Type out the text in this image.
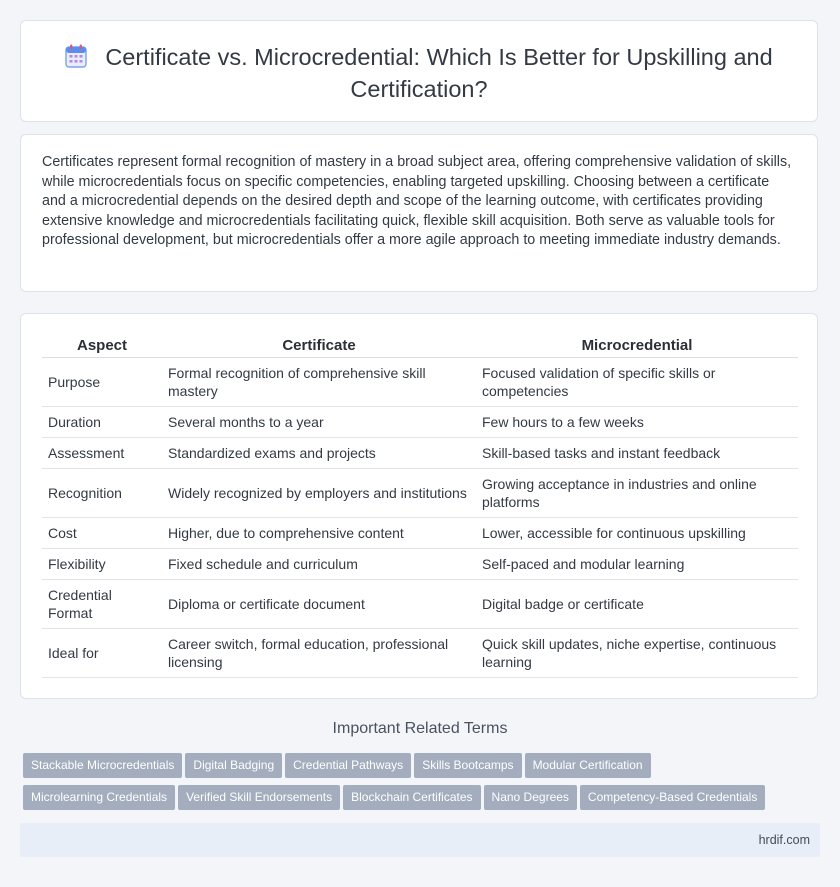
Certificate vs. Microcredential: Which Is Better for Upskilling and Certification?
Certificates represent formal recognition of mastery in a broad subject area, offering comprehensive validation of skills, while microcredentials focus on specific competencies, enabling targeted upskilling. Choosing between a certificate and a microcredential depends on the desired depth and scope of the learning outcome, with certificates providing extensive knowledge and microcredentials facilitating quick, flexible skill acquisition. Both serve as valuable tools for professional development, but microcredentials offer a more agile approach to meeting immediate industry demands.
Aspect	Certificate	Microcredential
Purpose	Formal recognition of comprehensive skill mastery	Focused validation of specific skills or competencies
Duration	Several months to a year	Few hours to a few weeks
Assessment	Standardized exams and projects	Skill-based tasks and instant feedback
Recognition	Widely recognized by employers and institutions	Growing acceptance in industries and online platforms
Cost	Higher, due to comprehensive content	Lower, accessible for continuous upskilling
Flexibility	Fixed schedule and curriculum	Self-paced and modular learning
Credential Format	Diploma or certificate document	Digital badge or certificate
Ideal for	Career switch, formal education, professional licensing	Quick skill updates, niche expertise, continuous learning
Important Related Terms
Stackable Microcredentials Digital Badging Credential Pathways Skills Bootcamps Modular Certification
Microlearning Credentials Verified Skill Endorsements Blockchain Certificates Nano Degrees Competency-Based Credentials
hrdif.com
